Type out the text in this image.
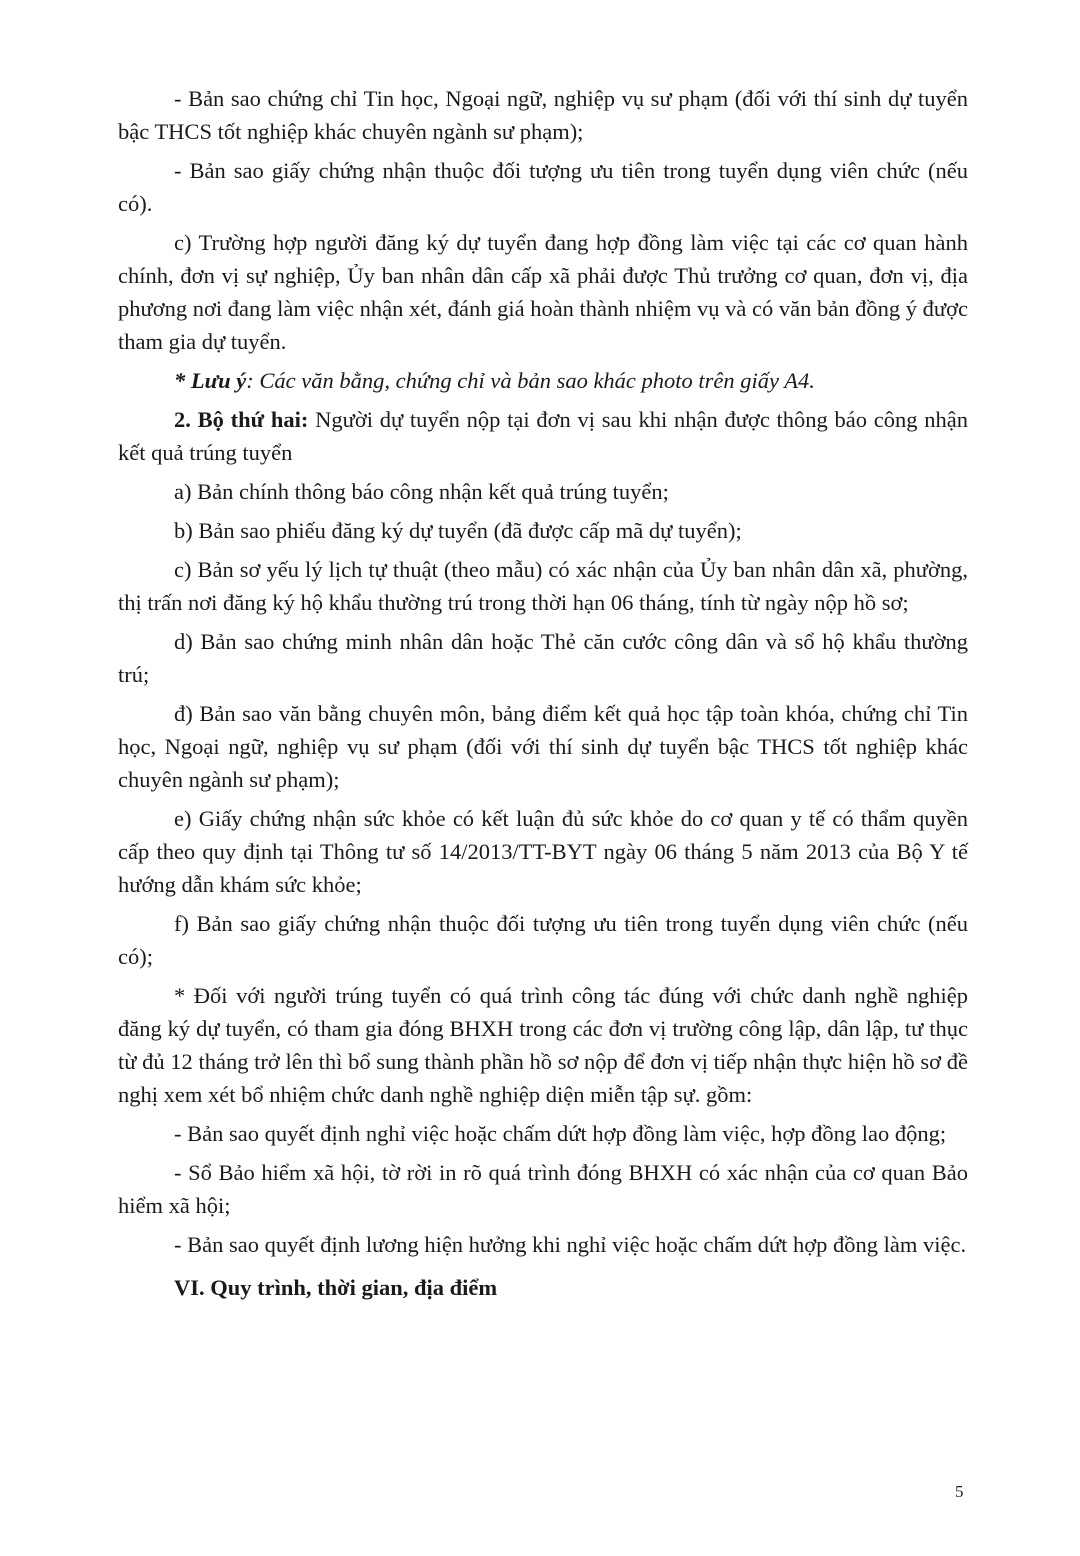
- Bản sao chứng chỉ Tin học, Ngoại ngữ, nghiệp vụ sư phạm (đối với thí sinh dự tuyển bậc THCS tốt nghiệp khác chuyên ngành sư phạm);

- Bản sao giấy chứng nhận thuộc đối tượng ưu tiên trong tuyển dụng viên chức (nếu có).

c) Trường hợp người đăng ký dự tuyển đang hợp đồng làm việc tại các cơ quan hành chính, đơn vị sự nghiệp, Ủy ban nhân dân cấp xã phải được Thủ trưởng cơ quan, đơn vị, địa phương nơi đang làm việc nhận xét, đánh giá hoàn thành nhiệm vụ và có văn bản đồng ý được tham gia dự tuyển.

* Lưu ý: Các văn bằng, chứng chỉ và bản sao khác photo trên giấy A4.

2. Bộ thứ hai: Người dự tuyển nộp tại đơn vị sau khi nhận được thông báo công nhận kết quả trúng tuyển

a) Bản chính thông báo công nhận kết quả trúng tuyển;

b) Bản sao phiếu đăng ký dự tuyển (đã được cấp mã dự tuyển);

c) Bản sơ yếu lý lịch tự thuật (theo mẫu) có xác nhận của Ủy ban nhân dân xã, phường, thị trấn nơi đăng ký hộ khẩu thường trú trong thời hạn 06 tháng, tính từ ngày nộp hồ sơ;

d) Bản sao chứng minh nhân dân hoặc Thẻ căn cước công dân và sổ hộ khẩu thường trú;

đ) Bản sao văn bằng chuyên môn, bảng điểm kết quả học tập toàn khóa, chứng chỉ Tin học, Ngoại ngữ, nghiệp vụ sư phạm (đối với thí sinh dự tuyển bậc THCS tốt nghiệp khác chuyên ngành sư phạm);

e) Giấy chứng nhận sức khỏe có kết luận đủ sức khỏe do cơ quan y tế có thẩm quyền cấp theo quy định tại Thông tư số 14/2013/TT-BYT ngày 06 tháng 5 năm 2013 của Bộ Y tế hướng dẫn khám sức khỏe;

f) Bản sao giấy chứng nhận thuộc đối tượng ưu tiên trong tuyển dụng viên chức (nếu có);

* Đối với người trúng tuyển có quá trình công tác đúng với chức danh nghề nghiệp đăng ký dự tuyển, có tham gia đóng BHXH trong các đơn vị trường công lập, dân lập, tư thục từ đủ 12 tháng trở lên thì bổ sung thành phần hồ sơ nộp để đơn vị tiếp nhận thực hiện hồ sơ đề nghị xem xét bổ nhiệm chức danh nghề nghiệp diện miễn tập sự. gồm:

- Bản sao quyết định nghỉ việc hoặc chấm dứt hợp đồng làm việc, hợp đồng lao động;

- Sổ Bảo hiểm xã hội, tờ rời in rõ quá trình đóng BHXH có xác nhận của cơ quan Bảo hiểm xã hội;

- Bản sao quyết định lương hiện hưởng khi nghỉ việc hoặc chấm dứt hợp đồng làm việc.

VI. Quy trình, thời gian, địa điểm

5
